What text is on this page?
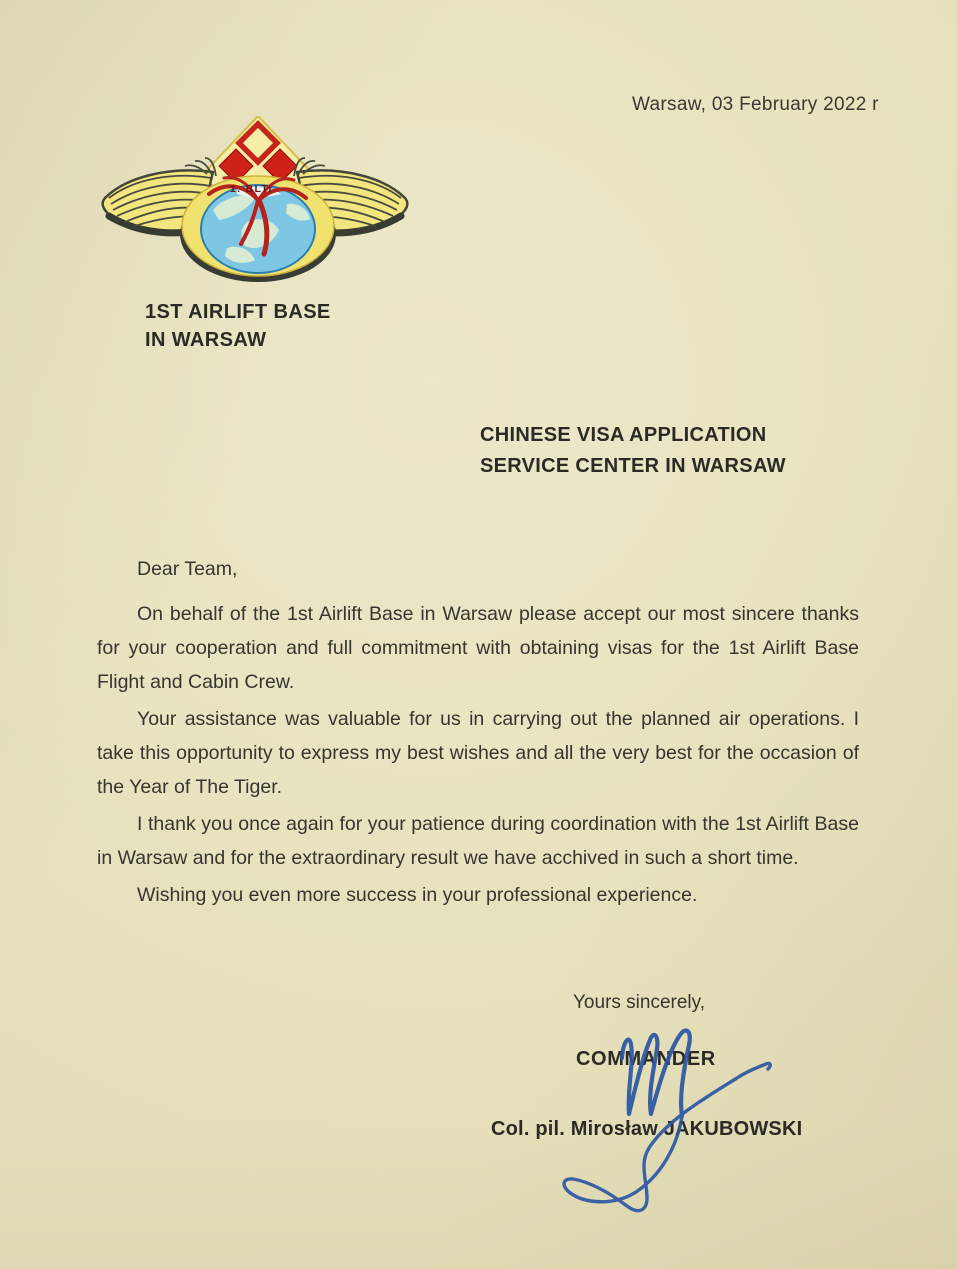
Warsaw, 03 February 2022 r
1. BLTr
1ST AIRLIFT BASE
IN WARSAW
CHINESE VISA APPLICATION
SERVICE CENTER IN WARSAW

Dear Team,

On behalf of the 1st Airlift Base in Warsaw please accept our most sincere thanks for your cooperation and full commitment with obtaining visas for the 1st Airlift Base Flight and Cabin Crew.

Your assistance was valuable for us in carrying out the planned air operations. I take this opportunity to express my best wishes and all the very best for the occasion of the Year of The Tiger.

I thank you once again for your patience during coordination with the 1st Airlift Base in Warsaw and for the extraordinary result we have acchived in such a short time.

Wishing you even more success in your professional experience.

Yours sincerely,
COMMANDER
Col. pil. Mirosław JAKUBOWSKI
